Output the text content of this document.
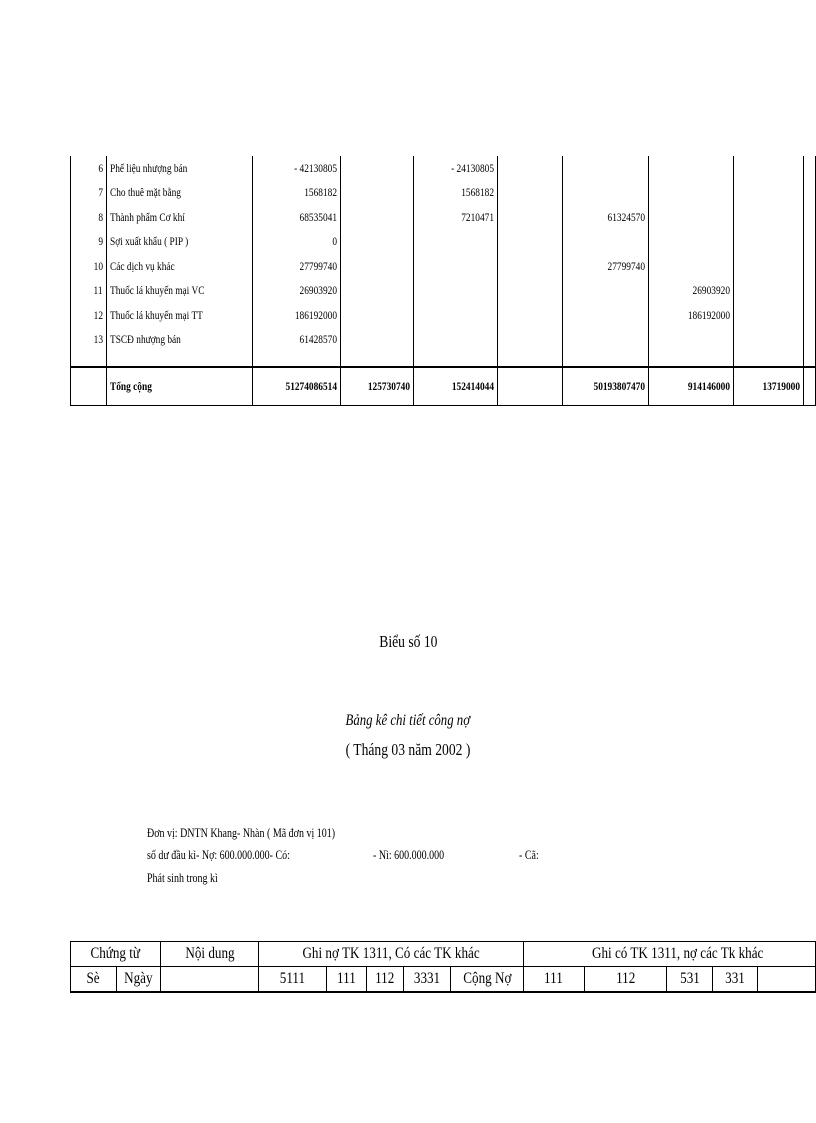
6	Phế liệu nhượng bán	- 42130805		- 24130805					
7	Cho thuê mặt bằng	1568182		1568182					
8	Thành phẩm Cơ khí	68535041		7210471		61324570			
9	Sợi xuất khẩu ( PIP )	0							
10	Các dịch vụ khác	27799740				27799740			
11	Thuốc lá khuyến mại VC	26903920					26903920		
12	Thuốc lá khuyến mại TT	186192000					186192000		
13	TSCĐ nhượng bán	61428570							

	Tổng cộng	51274086514	125730740	152414044		50193807470	914146000	13719000	
Biểu số 10
Bảng kê chi tiết công nợ
( Tháng 03 năm 2002 )
Đơn vị: DNTN Khang- Nhàn ( Mã đơn vị 101)
số dư đầu kì- Nợ: 600.000.000- Có:	- Nì: 600.000.000	- Cã:
Phát sinh trong kì
Chứng từ		Nội dung	Ghi nợ TK 1311, Có các TK khác					Ghi có TK 1311, nợ các Tk khác				
Sè	Ngày		5111	111	112	3331	Cộng Nợ	111	112	531	331	
